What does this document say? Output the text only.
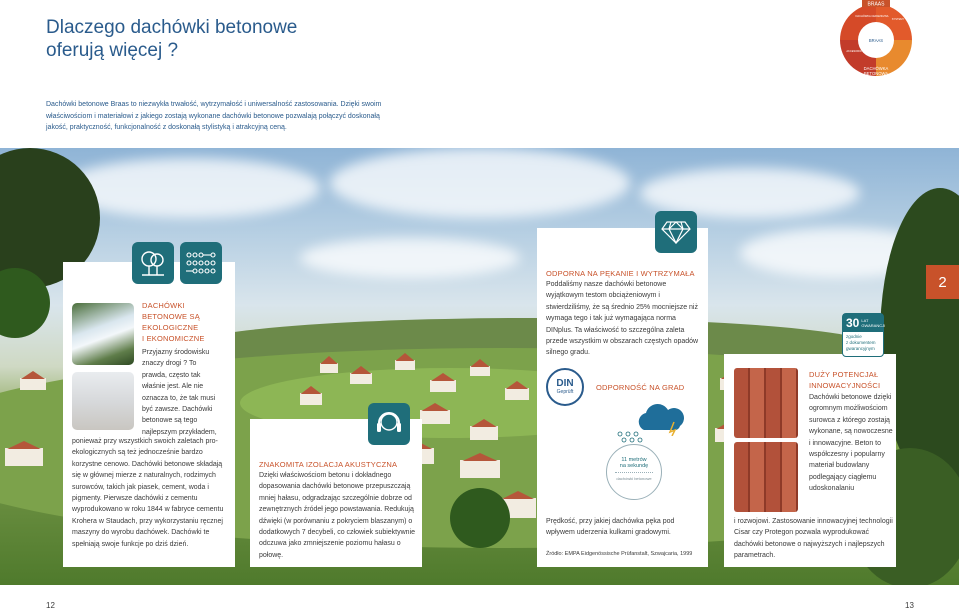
Dlaczego dachówki betonowe
oferują więcej ?

Dachówki betonowe Braas to niezwykła trwałość, wytrzymałość i uniwersalność zastosowania. Dzięki swoim właściwościom i materiałowi z jakiego zostają wykonane dachówki betonowe pozwalają połączyć doskonałą jakość, praktyczność, funkcjonalność z doskonałą stylistyką i atrakcyjną ceną.

BRAAS
BRAAS
DACHÓWKA CERAMICZNA
AKCESORIA
SYSTEMY
DACHÓWKA
BETONOWA
DACHÓWKI
BETONOWE SĄ
EKOLOGICZNE
I EKONOMICZNE

Przyjazny środowisku znaczy drogi ? To prawda, często tak właśnie jest. Ale nie oznacza to, że tak musi być zawsze. Dachówki betonowe są tego najlepszym przykładem,

ponieważ przy wszystkich swoich zaletach pro-ekologicznych są też jednocześnie bardzo korzystne cenowo. Dachówki betonowe składają się w głównej mierze z naturalnych, rodzimych surowców, takich jak piasek, cement, woda i pigmenty. Pierwsze dachówki z cementu wyprodukowano w roku 1844 w fabryce cementu Krohera w Staudach, przy wykorzystaniu ręcznej maszyny do wyrobu dachówek. Dachówki te spełniają swoje funkcje po dziś dzień.

ZNAKOMITA IZOLACJA AKUSTYCZNA

Dzięki właściwościom betonu i dokładnego dopasowania dachówki betonowe przepuszczają mniej hałasu, odgradzając szczególnie dobrze od zewnętrznych źródeł jego powstawania. Redukują dźwięki (w porównaniu z pokryciem blaszanym) o dodatkowych 7 decybeli, co człowiek subiektywnie odczuwa jako zmniejszenie poziomu hałasu o połowę.

ODPORNA NA PĘKANIE I WYTRZYMAŁA

Poddaliśmy nasze dachówki betonowe wyjątkowym testom obciążeniowym i stwierdziliśmy, że są średnio 25% mocniejsze niż wymaga tego i tak już wymagająca norma DINplus. Ta właściwość to szczególna zaleta przede wszystkim w obszarach częstych opadów silnego gradu.

DIN
Geprüft	ODPORNOŚĆ NA GRAD
11 metrów
na sekundę
dachówki betonowe

Prędkość, przy jakiej dachówka pęka pod wpływem uderzenia kulkami gradowymi.

Źródło: EMPA Eidgenössische Prüfanstalt, Szwajcaria, 1999

DUŻY POTENCJAŁ
INNOWACYJNOŚCI

Dachówki betonowe dzięki ogromnym możliwościom surowca z którego zostają wykonane, są nowoczesne i innowacyjne. Beton to współczesny i popularny materiał budowlany podlegający ciągłemu udoskonalaniu

i rozwojowi. Zastosowanie innowacyjnej technologii Cisar czy Protegon pozwala wyprodukować dachówki betonowe o najwyższych i najlepszych parametrach.

30 LAT
GWARANCJI
zgodnie
z dokumentem
gwarancyjnym
2
12	13
